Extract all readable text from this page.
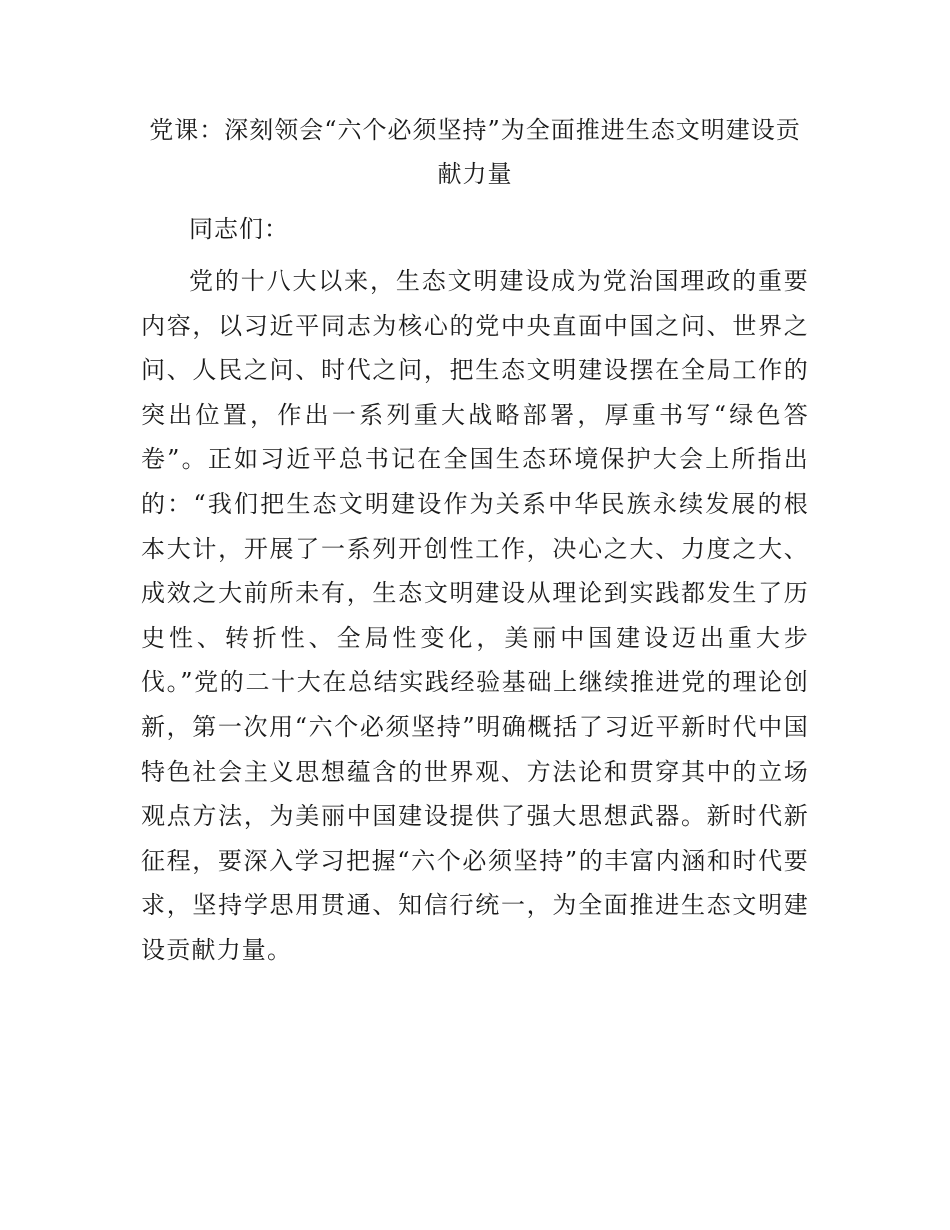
党课：深刻领会“六个必须坚持”为全面推进生态文明建设贡献力量

同志们：

党的十八大以来，生态文明建设成为党治国理政的重要内容，以习近平同志为核心的党中央直面中国之问、世界之问、人民之问、时代之问，把生态文明建设摆在全局工作的突出位置，作出一系列重大战略部署，厚重书写“绿色答卷”。正如习近平总书记在全国生态环境保护大会上所指出的：“我们把生态文明建设作为关系中华民族永续发展的根本大计，开展了一系列开创性工作，决心之大、力度之大、成效之大前所未有，生态文明建设从理论到实践都发生了历史性、转折性、全局性变化，美丽中国建设迈出重大步伐。”党的二十大在总结实践经验基础上继续推进党的理论创新，第一次用“六个必须坚持”明确概括了习近平新时代中国特色社会主义思想蕴含的世界观、方法论和贯穿其中的立场观点方法，为美丽中国建设提供了强大思想武器。新时代新征程，要深入学习把握“六个必须坚持”的丰富内涵和时代要求，坚持学思用贯通、知信行统一，为全面推进生态文明建设贡献力量。
